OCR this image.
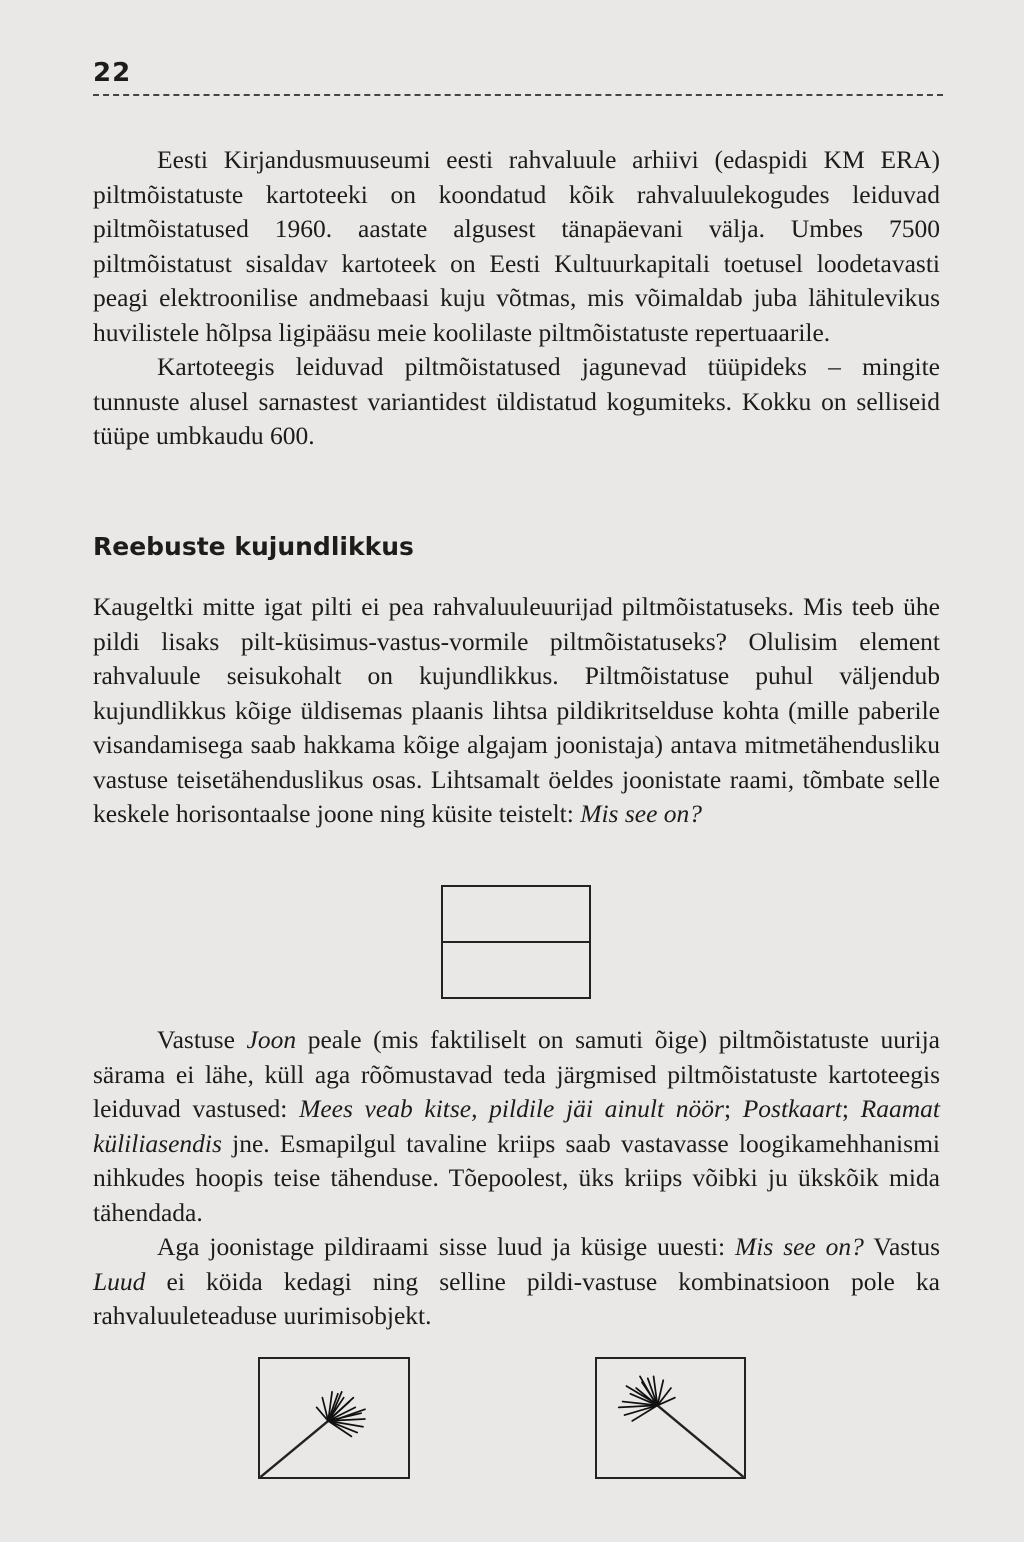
22

Eesti Kirjandusmuuseumi eesti rahvaluule arhiivi (edaspidi KM ERA) piltmõistatuste kartoteeki on koondatud kõik rahvaluulekogudes leiduvad piltmõistatused 1960. aastate algusest tänapäevani välja. Umbes 7500 piltmõistatust sisaldav kartoteek on Eesti Kultuurkapitali toetusel loodetavasti peagi elektroonilise andmebaasi kuju võtmas, mis võimaldab juba lähitulevikus huvilistele hõlpsa ligipääsu meie koolilaste piltmõistatuste repertuaarile.

Kartoteegis leiduvad piltmõistatused jagunevad tüüpideks – mingite tunnuste alusel sarnastest variantidest üldistatud kogumiteks. Kokku on selliseid tüüpe umbkaudu 600.

Reebuste kujundlikkus

Kaugeltki mitte igat pilti ei pea rahvaluuleuurijad piltmõistatuseks. Mis teeb ühe pildi lisaks pilt-küsimus-vastus-vormile piltmõistatuseks? Olulisim element rahvaluule seisukohalt on kujundlikkus. Piltmõistatuse puhul väljendub kujundlikkus kõige üldisemas plaanis lihtsa pildikritselduse kohta (mille paberile visandamisega saab hakkama kõige algajam joonistaja) antava mitmetähendusliku vastuse teisetähenduslikus osas. Lihtsamalt öeldes joonistate raami, tõmbate selle keskele horisontaalse joone ning küsite teistelt: Mis see on?

Vastuse Joon peale (mis faktiliselt on samuti õige) piltmõistatuste uurija särama ei lähe, küll aga rõõmustavad teda järgmised piltmõistatuste kartoteegis leiduvad vastused: Mees veab kitse, pildile jäi ainult nöör; Postkaart; Raamat küliliasendis jne. Esmapilgul tavaline kriips saab vastavasse loogikamehhanismi nihkudes hoopis teise tähenduse. Tõepoolest, üks kriips võibki ju ükskõik mida tähendada.

Aga joonistage pildiraami sisse luud ja küsige uuesti: Mis see on? Vastus Luud ei köida kedagi ning selline pildi-vastuse kombinatsioon pole ka rahvaluuleteaduse uurimisobjekt.
